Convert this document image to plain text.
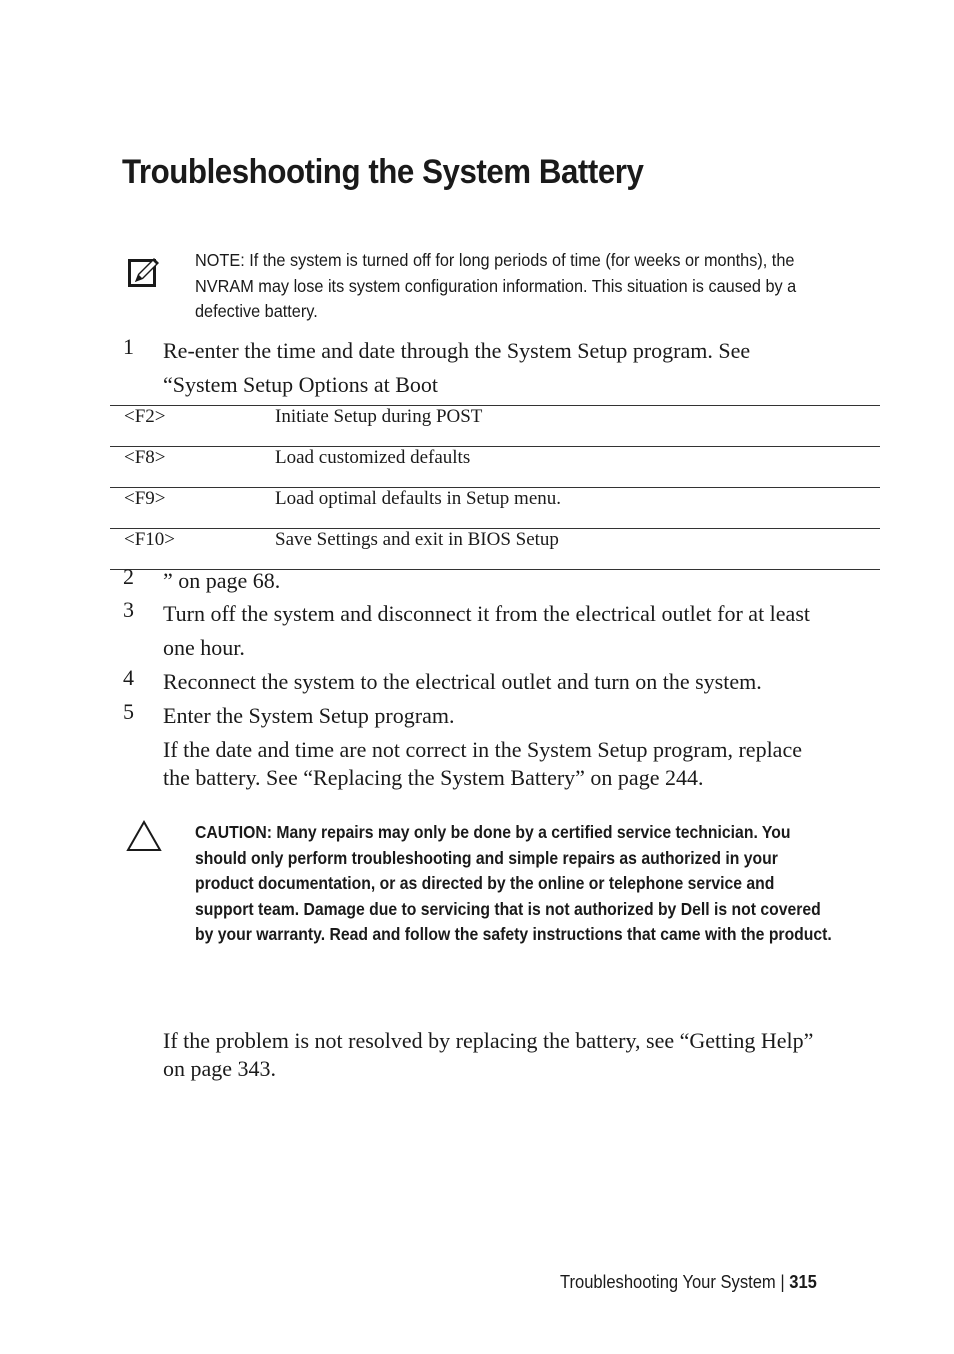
Troubleshooting the System Battery
NOTE: If the system is turned off for long periods of time (for weeks or months), the NVRAM may lose its system configuration information. This situation is caused by a defective battery.
1 Re-enter the time and date through the System Setup program. See “System Setup Options at Boot
<F2>	Initiate Setup during POST
<F8>	Load customized defaults
<F9>	Load optimal defaults in Setup menu.
<F10>	Save Settings and exit in BIOS Setup
2 ” on page 68.
3 Turn off the system and disconnect it from the electrical outlet for at least one hour.
4 Reconnect the system to the electrical outlet and turn on the system.
5 Enter the System Setup program.
If the date and time are not correct in the System Setup program, replace the battery. See “Replacing the System Battery” on page 244.
CAUTION: Many repairs may only be done by a certified service technician. You should only perform troubleshooting and simple repairs as authorized in your product documentation, or as directed by the online or telephone service and support team. Damage due to servicing that is not authorized by Dell is not covered by your warranty. Read and follow the safety instructions that came with the product.
If the problem is not resolved by replacing the battery, see “Getting Help” on page 343.
Troubleshooting Your System | 315
